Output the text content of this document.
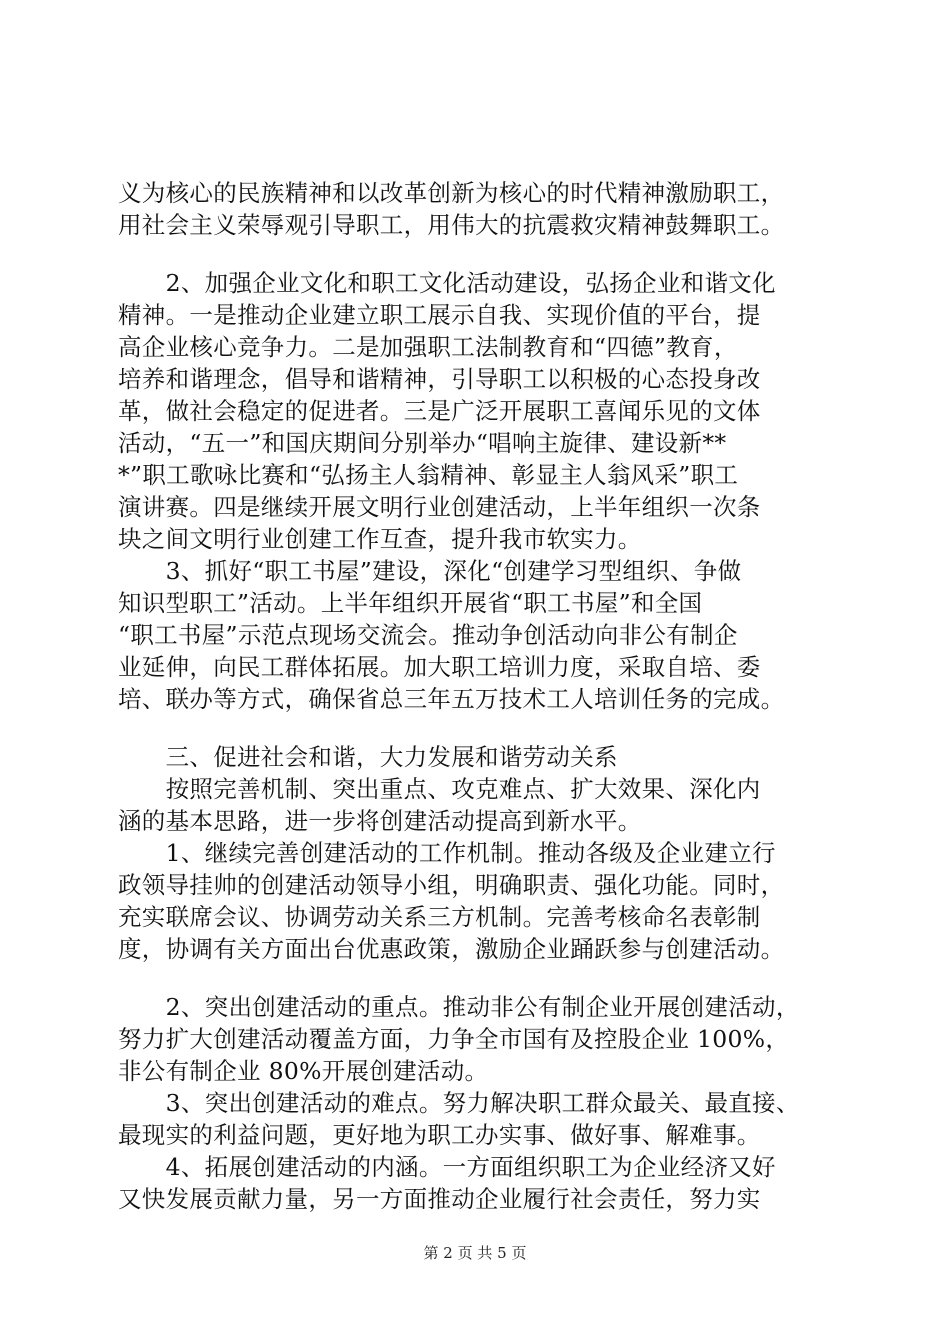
义为核心的民族精神和以改革创新为核心的时代精神激励职工，
用社会主义荣辱观引导职工，用伟大的抗震救灾精神鼓舞职工。
　　2、加强企业文化和职工文化活动建设，弘扬企业和谐文化
精神。一是推动企业建立职工展示自我、实现价值的平台，提
高企业核心竞争力。二是加强职工法制教育和“四德”教育，
培养和谐理念，倡导和谐精神，引导职工以积极的心态投身改
革，做社会稳定的促进者。三是广泛开展职工喜闻乐见的文体
活动，“五一”和国庆期间分别举办“唱响主旋律、建设新**
*”职工歌咏比赛和“弘扬主人翁精神、彰显主人翁风采”职工
演讲赛。四是继续开展文明行业创建活动，上半年组织一次条
块之间文明行业创建工作互查，提升我市软实力。
　　3、抓好“职工书屋”建设，深化“创建学习型组织、争做
知识型职工”活动。上半年组织开展省“职工书屋”和全国
“职工书屋”示范点现场交流会。推动争创活动向非公有制企
业延伸，向民工群体拓展。加大职工培训力度，采取自培、委
培、联办等方式，确保省总三年五万技术工人培训任务的完成。
　　三、促进社会和谐，大力发展和谐劳动关系
　　按照完善机制、突出重点、攻克难点、扩大效果、深化内
涵的基本思路，进一步将创建活动提高到新水平。
　　1、继续完善创建活动的工作机制。推动各级及企业建立行
政领导挂帅的创建活动领导小组，明确职责、强化功能。同时，
充实联席会议、协调劳动关系三方机制。完善考核命名表彰制
度，协调有关方面出台优惠政策，激励企业踊跃参与创建活动。
　　2、突出创建活动的重点。推动非公有制企业开展创建活动，
努力扩大创建活动覆盖方面，力争全市国有及控股企业 100%，
非公有制企业 80%开展创建活动。
　　3、突出创建活动的难点。努力解决职工群众最关、最直接、
最现实的利益问题，更好地为职工办实事、做好事、解难事。
　　4、拓展创建活动的内涵。一方面组织职工为企业经济又好
又快发展贡献力量，另一方面推动企业履行社会责任，努力实
第 2 页 共 5 页
